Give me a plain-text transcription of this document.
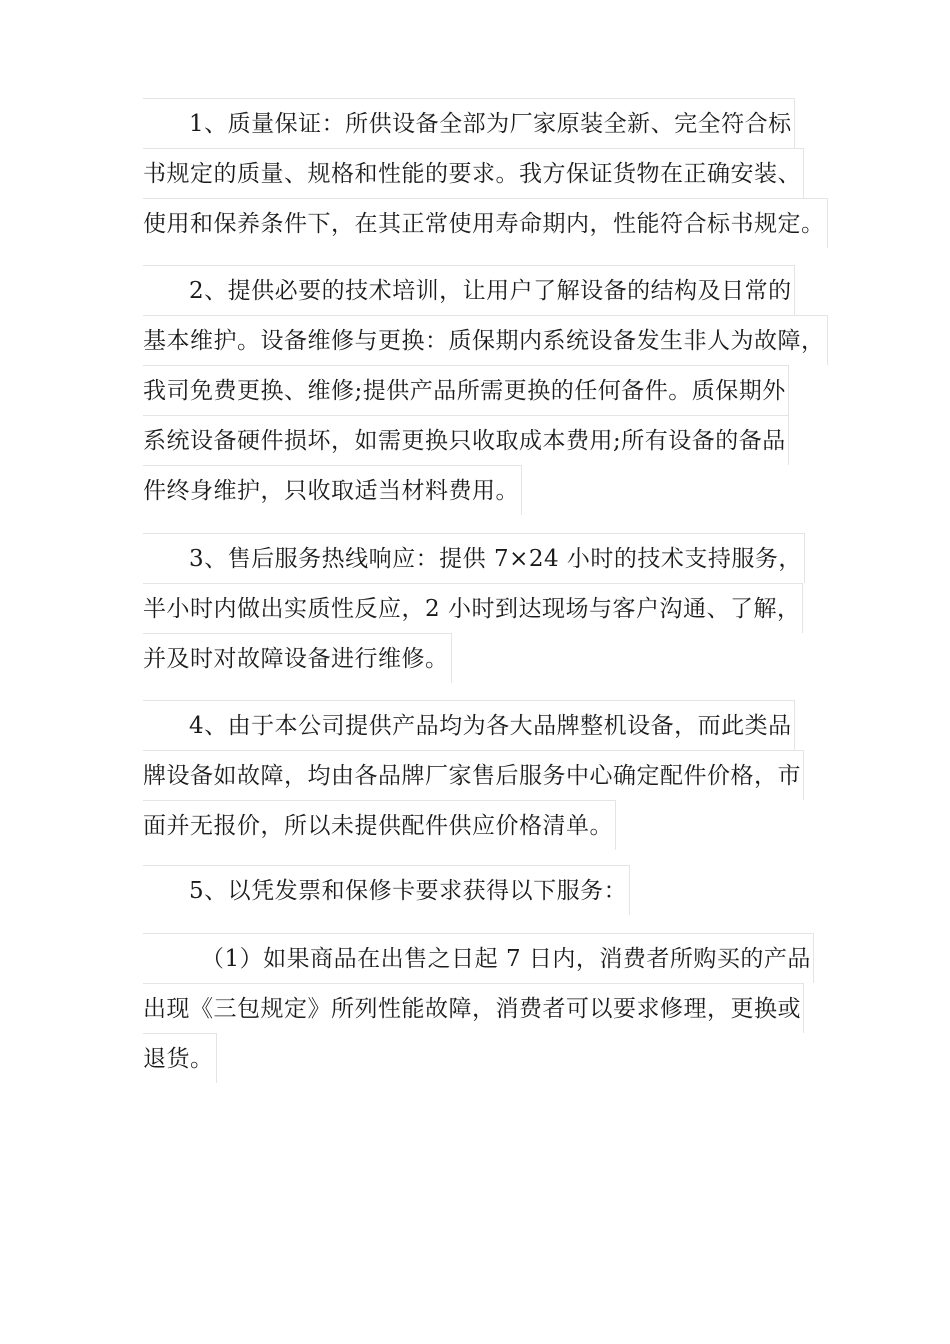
1、质量保证：所供设备全部为厂家原装全新、完全符合标
书规定的质量、规格和性能的要求。我方保证货物在正确安装、
使用和保养条件下，在其正常使用寿命期内，性能符合标书规定。
2、提供必要的技术培训，让用户了解设备的结构及日常的
基本维护。设备维修与更换：质保期内系统设备发生非人为故障，
我司免费更换、维修;提供产品所需更换的任何备件。质保期外
系统设备硬件损坏，如需更换只收取成本费用;所有设备的备品
件终身维护，只收取适当材料费用。
3、售后服务热线响应：提供 7×24 小时的技术支持服务，
半小时内做出实质性反应，2 小时到达现场与客户沟通、了解，
并及时对故障设备进行维修。
4、由于本公司提供产品均为各大品牌整机设备，而此类品
牌设备如故障，均由各品牌厂家售后服务中心确定配件价格，市
面并无报价，所以未提供配件供应价格清单。
5、以凭发票和保修卡要求获得以下服务：
（1）如果商品在出售之日起 7 日内，消费者所购买的产品
出现《三包规定》所列性能故障，消费者可以要求修理，更换或
退货。
